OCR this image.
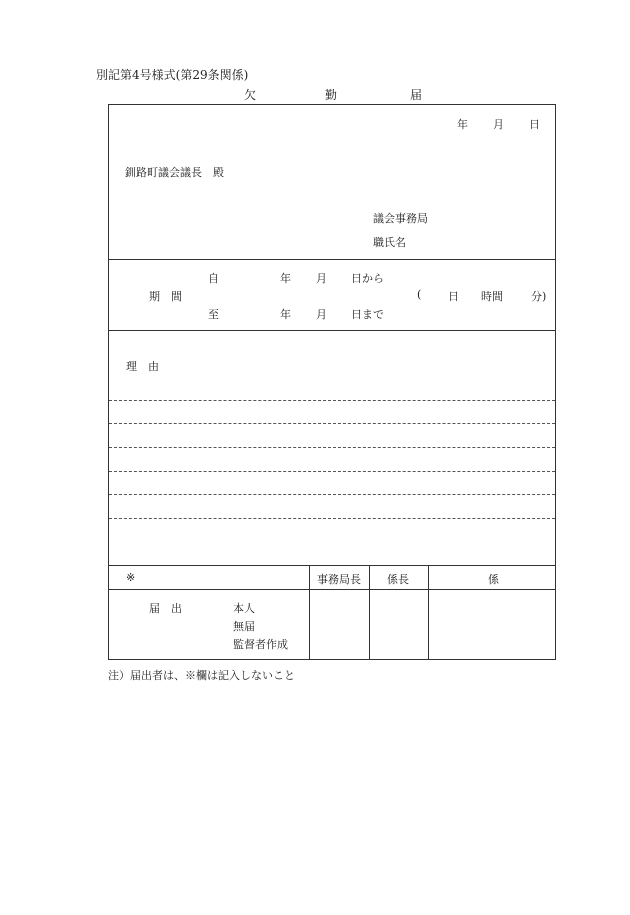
別記第4号様式(第29条関係)
欠	勤	届
年 月 日
釧路町議会議長　殿
議会事務局
職氏名
自	年 月 日から
期　間	( 日 時間	分)
至	年 月 日まで
理　由
※	事務局長 係長	係
届　出	本人
無届
監督者作成
注）届出者は、※欄は記入しないこと
